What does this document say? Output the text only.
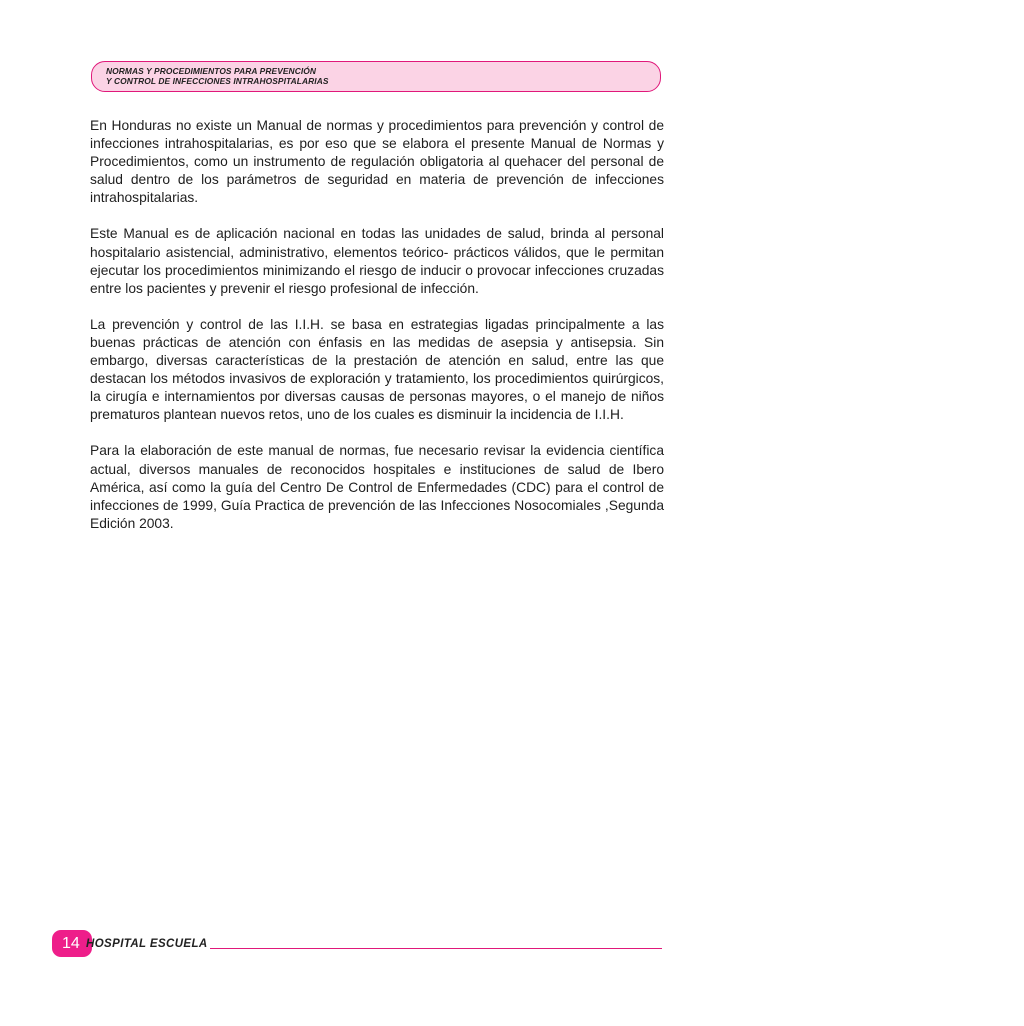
NORMAS Y PROCEDIMIENTOS PARA PREVENCIÓN
Y CONTROL DE INFECCIONES INTRAHOSPITALARIAS

En Honduras no existe un Manual de normas y procedimientos para prevención y control de infecciones intrahospitalarias, es por eso que se elabora el presente Manual de Normas y Procedimientos, como un instrumento de regulación obligatoria al quehacer del personal de salud dentro de los parámetros de seguridad en materia de prevención de infecciones intrahospitalarias.

Este Manual es de aplicación nacional en todas las unidades de salud, brinda al personal hospitalario asistencial, administrativo, elementos teórico- prácticos válidos, que le permitan ejecutar los procedimientos minimizando el riesgo de inducir o provocar infecciones cruzadas entre los pacientes y prevenir el riesgo profesional de infección.

La prevención y control de las I.I.H. se basa en estrategias ligadas principalmente a las buenas prácticas de atención con énfasis en las medidas de asepsia y antisepsia. Sin embargo, diversas características de la prestación de atención en salud, entre las que destacan los métodos invasivos de exploración y tratamiento, los procedimientos quirúrgicos, la cirugía e internamientos por diversas causas de personas mayores, o el manejo de niños prematuros plantean nuevos retos, uno de los cuales es disminuir la incidencia de I.I.H.

Para la elaboración de este manual de normas, fue necesario revisar la evidencia científica actual, diversos manuales de reconocidos hospitales e instituciones de salud de Ibero América, así como la guía del Centro De Control de Enfermedades (CDC) para el control de infecciones de 1999, Guía Practica de prevención de las Infecciones Nosocomiales ,Segunda Edición 2003.

14 HOSPITAL ESCUELA
